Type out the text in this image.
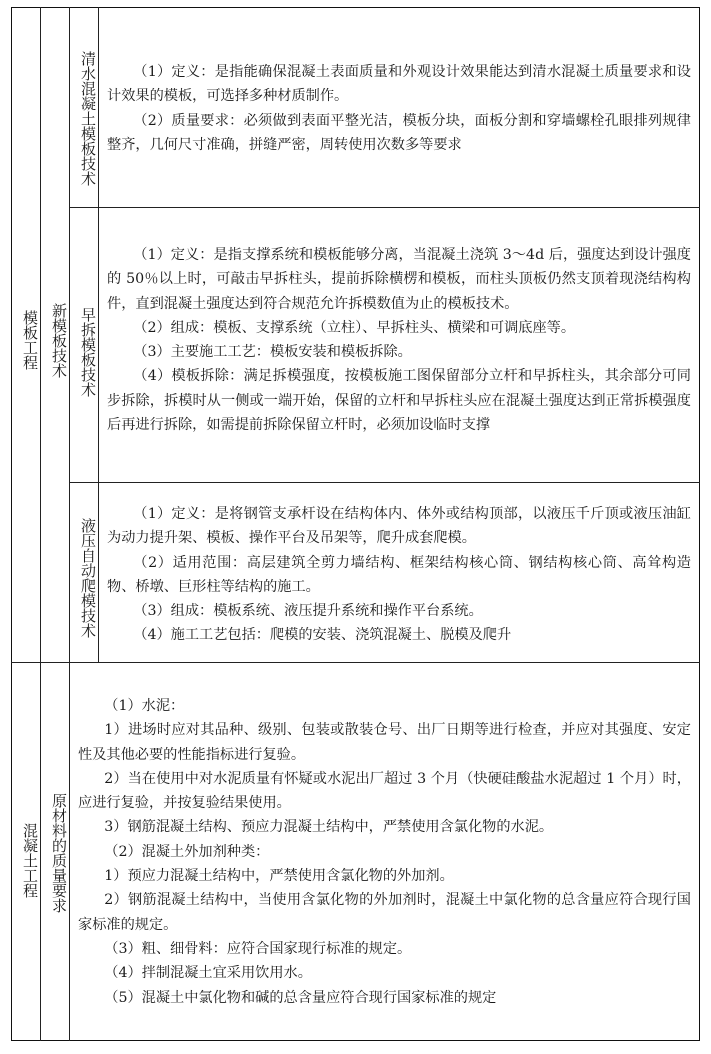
模板工程
混凝土工程
新模板技术
原材料的质量要求
清水混凝土模板技术
早拆模板技术
液压自动爬模技术

（1）定义：是指能确保混凝土表面质量和外观设计效果能达到清水混凝土质量要求和设计效果的模板，可选择多种材质制作。

（2）质量要求：必须做到表面平整光洁，模板分块，面板分割和穿墙螺栓孔眼排列规律整齐，几何尺寸准确，拼缝严密，周转使用次数多等要求

（1）定义：是指支撑系统和模板能够分离，当混凝土浇筑 3～4d 后，强度达到设计强度的 50％以上时，可敲击早拆柱头，提前拆除横楞和模板，而柱头顶板仍然支顶着现浇结构构件，直到混凝土强度达到符合规范允许拆模数值为止的模板技术。

（2）组成：模板、支撑系统（立柱）、早拆柱头、横梁和可调底座等。

（3）主要施工工艺：模板安装和模板拆除。

（4）模板拆除：满足拆模强度，按模板施工图保留部分立杆和早拆柱头，其余部分可同步拆除，拆模时从一侧或一端开始，保留的立杆和早拆柱头应在混凝土强度达到正常拆模强度后再进行拆除，如需提前拆除保留立杆时，必须加设临时支撑

（1）定义：是将钢管支承杆设在结构体内、体外或结构顶部，以液压千斤顶或液压油缸为动力提升架、模板、操作平台及吊架等，爬升成套爬模。

（2）适用范围：高层建筑全剪力墙结构、框架结构核心筒、钢结构核心筒、高耸构造物、桥墩、巨形柱等结构的施工。

（3）组成：模板系统、液压提升系统和操作平台系统。

（4）施工工艺包括：爬模的安装、浇筑混凝土、脱模及爬升

（1）水泥：

1）进场时应对其品种、级别、包装或散装仓号、出厂日期等进行检查，并应对其强度、安定性及其他必要的性能指标进行复验。

2）当在使用中对水泥质量有怀疑或水泥出厂超过 3 个月（快硬硅酸盐水泥超过 1 个月）时，应进行复验，并按复验结果使用。

3）钢筋混凝土结构、预应力混凝土结构中，严禁使用含氯化物的水泥。

（2）混凝土外加剂种类：

1）预应力混凝土结构中，严禁使用含氯化物的外加剂。

2）钢筋混凝土结构中，当使用含氯化物的外加剂时，混凝土中氯化物的总含量应符合现行国家标准的规定。

（3）粗、细骨料：应符合国家现行标准的规定。

（4）拌制混凝土宜采用饮用水。

（5）混凝土中氯化物和碱的总含量应符合现行国家标准的规定
